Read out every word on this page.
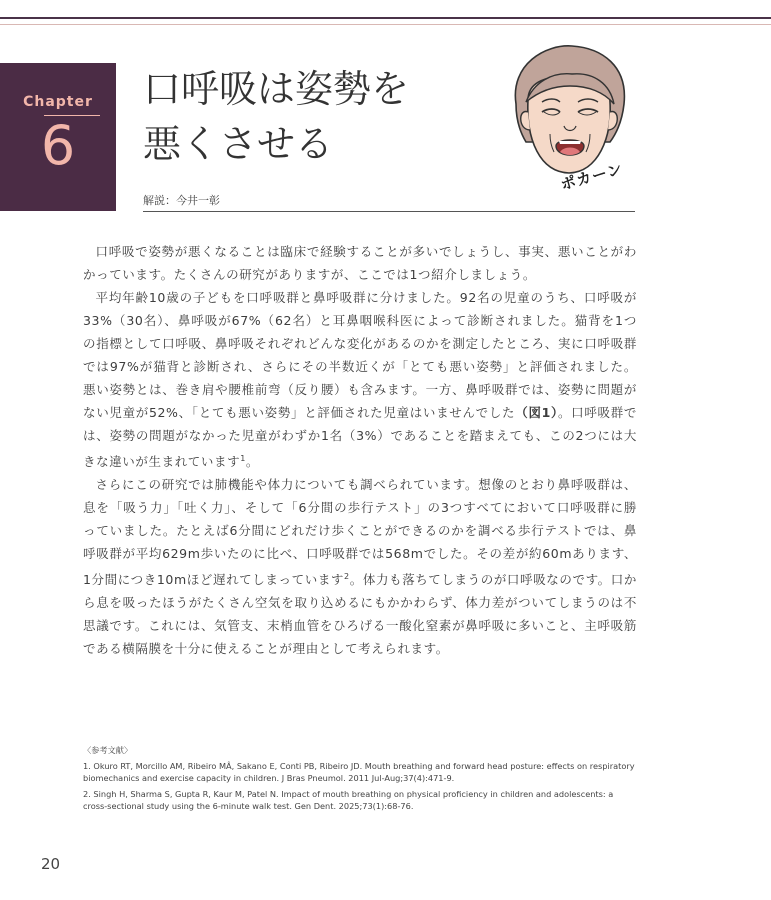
Chapter
6
口呼吸は姿勢を
悪くさせる
解説：今井一彰
ポカーン

口呼吸で姿勢が悪くなることは臨床で経験することが多いでしょうし、事実、悪いことがわかっています。たくさんの研究がありますが、ここでは1つ紹介しましょう。

平均年齢10歳の子どもを口呼吸群と鼻呼吸群に分けました。92名の児童のうち、口呼吸が33%（30名）、鼻呼吸が67%（62名）と耳鼻咽喉科医によって診断されました。猫背を1つの指標として口呼吸、鼻呼吸それぞれどんな変化があるのかを測定したところ、実に口呼吸群では97%が猫背と診断され、さらにその半数近くが「とても悪い姿勢」と評価されました。悪い姿勢とは、巻き肩や腰椎前弯（反り腰）も含みます。一方、鼻呼吸群では、姿勢に問題がない児童が52%、「とても悪い姿勢」と評価された児童はいませんでした（図1）。口呼吸群では、姿勢の問題がなかった児童がわずか1名（3%）であることを踏まえても、この2つには大きな違いが生まれています$^1$。

さらにこの研究では肺機能や体力についても調べられています。想像のとおり鼻呼吸群は、息を「吸う力」「吐く力」、そして「6分間の歩行テスト」の3つすべてにおいて口呼吸群に勝っていました。たとえば6分間にどれだけ歩くことができるのかを調べる歩行テストでは、鼻呼吸群が平均629m歩いたのに比べ、口呼吸群では568mでした。その差が約60mあります、1分間につき10mほど遅れてしまっています$^2$。体力も落ちてしまうのが口呼吸なのです。口から息を吸ったほうがたくさん空気を取り込めるにもかかわらず、体力差がついてしまうのは不思議です。これには、気管支、末梢血管をひろげる一酸化窒素が鼻呼吸に多いこと、主呼吸筋である横隔膜を十分に使えることが理由として考えられます。

〈参考文献〉

1. Okuro RT, Morcillo AM, Ribeiro MÂ, Sakano E, Conti PB, Ribeiro JD. Mouth breathing and forward head posture: effects on respiratory biomechanics and exercise capacity in children. J Bras Pneumol. 2011 Jul-Aug;37(4):471-9.

2. Singh H, Sharma S, Gupta R, Kaur M, Patel N. Impact of mouth breathing on physical proficiency in children and adolescents: a cross-sectional study using the 6-minute walk test. Gen Dent. 2025;73(1):68-76.

20
